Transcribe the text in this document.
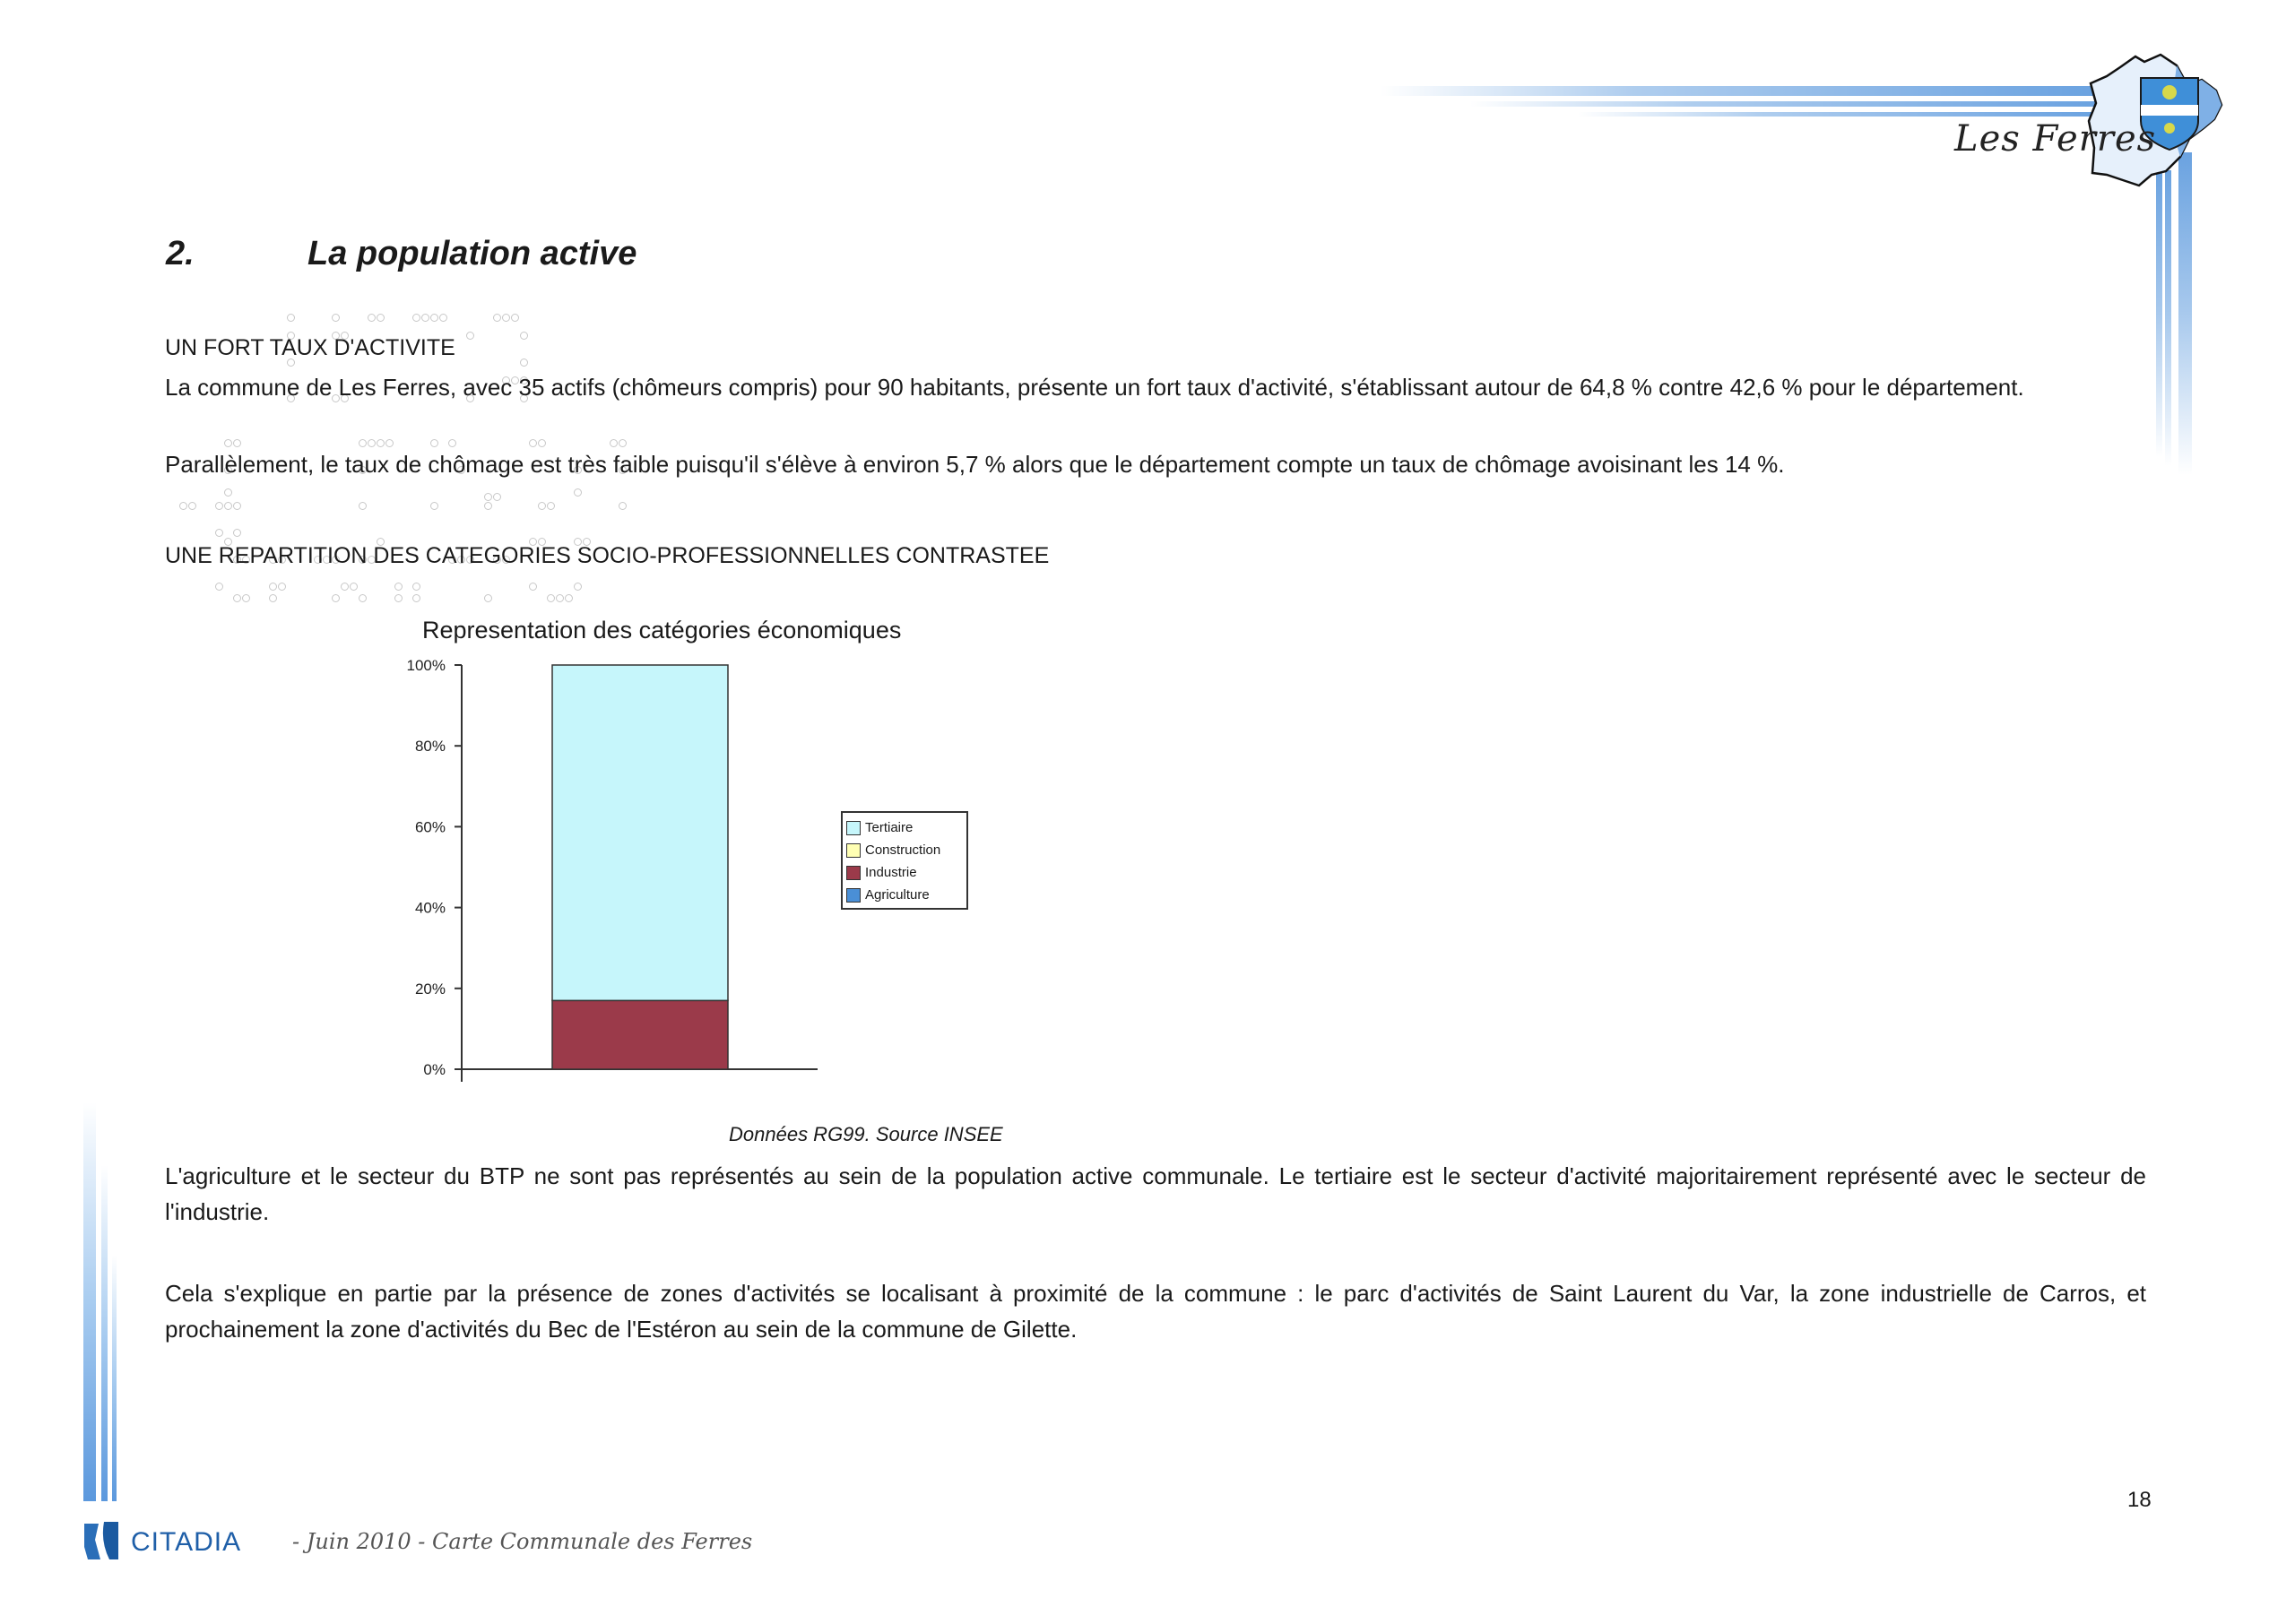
Les Ferres
2.	La population active
UN FORT TAUX D'ACTIVITE
La commune de Les Ferres, avec 35 actifs (chômeurs compris) pour 90 habitants, présente un fort taux d'activité, s'établissant autour de 64,8 % contre 42,6 % pour le département.
Parallèlement, le taux de chômage est très faible puisqu'il s'élève à environ 5,7 % alors que le département compte un taux de chômage avoisinant les 14 %.
UNE REPARTITION DES CATEGORIES SOCIO-PROFESSIONNELLES CONTRASTEE
Representation des catégories économiques
0%
20%
40%
60%
80%
100%
Tertiaire
Construction
Industrie
Agriculture
Données RG99. Source INSEE
L'agriculture et le secteur du BTP ne sont pas représentés au sein de la population active communale. Le tertiaire est le secteur d'activité majoritairement représenté avec le secteur de l'industrie.
Cela s'explique en partie par la présence de zones d'activités se localisant à proximité de la commune : le parc d'activités de Saint Laurent du Var, la zone industrielle de Carros, et prochainement la zone d'activités du Bec de l'Estéron au sein de la commune de Gilette.
CITADIA - Juin 2010 - Carte Communale des Ferres
18
